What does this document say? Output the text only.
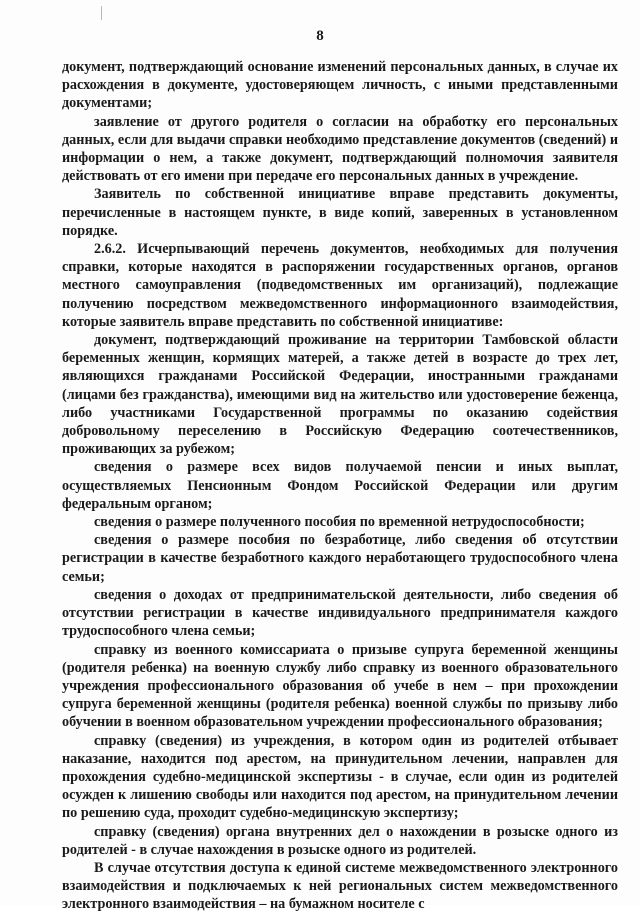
8

документ, подтверждающий основание изменений персональных данных, в случае их расхождения в документе, удостоверяющем личность, с иными представленными документами;

заявление от другого родителя о согласии на обработку его персональных данных, если для выдачи справки необходимо представление документов (сведений) и информации о нем, а также документ, подтверждающий полномочия заявителя действовать от его имени при передаче его персональных данных в учреждение.

Заявитель по собственной инициативе вправе представить документы, перечисленные в настоящем пункте, в виде копий, заверенных в установленном порядке.

2.6.2. Исчерпывающий перечень документов, необходимых для получения справки, которые находятся в распоряжении государственных органов, органов местного самоуправления (подведомственных им организаций), подлежащие получению посредством межведомственного информационного взаимодействия, которые заявитель вправе представить по собственной инициативе:

документ, подтверждающий проживание на территории Тамбовской области беременных женщин, кормящих матерей, а также детей в возрасте до трех лет, являющихся гражданами Российской Федерации, иностранными гражданами (лицами без гражданства), имеющими вид на жительство или удостоверение беженца, либо участниками Государственной программы по оказанию содействия добровольному переселению в Российскую Федерацию соотечественников, проживающих за рубежом;

сведения о размере всех видов получаемой пенсии и иных выплат, осуществляемых Пенсионным Фондом Российской Федерации или другим федеральным органом;

сведения о размере полученного пособия по временной нетрудоспособности;

сведения о размере пособия по безработице, либо сведения об отсутствии регистрации в качестве безработного каждого неработающего трудоспособного члена семьи;

сведения о доходах от предпринимательской деятельности, либо сведения об отсутствии регистрации в качестве индивидуального предпринимателя каждого трудоспособного члена семьи;

справку из военного комиссариата о призыве супруга беременной женщины (родителя ребенка) на военную службу либо справку из военного образовательного учреждения профессионального образования об учебе в нем – при прохождении супруга беременной женщины (родителя ребенка) военной службы по призыву либо обучении в военном образовательном учреждении профессионального образования;

справку (сведения) из учреждения, в котором один из родителей отбывает наказание, находится под арестом, на принудительном лечении, направлен для прохождения судебно-медицинской экспертизы - в случае, если один из родителей осужден к лишению свободы или находится под арестом, на принудительном лечении по решению суда, проходит судебно-медицинскую экспертизу;

справку (сведения) органа внутренних дел о нахождении в розыске одного из родителей - в случае нахождения в розыске одного из родителей.

В случае отсутствия доступа к единой системе межведомственного электронного взаимодействия и подключаемых к ней региональных систем межведомственного электронного взаимодействия – на бумажном носителе с
